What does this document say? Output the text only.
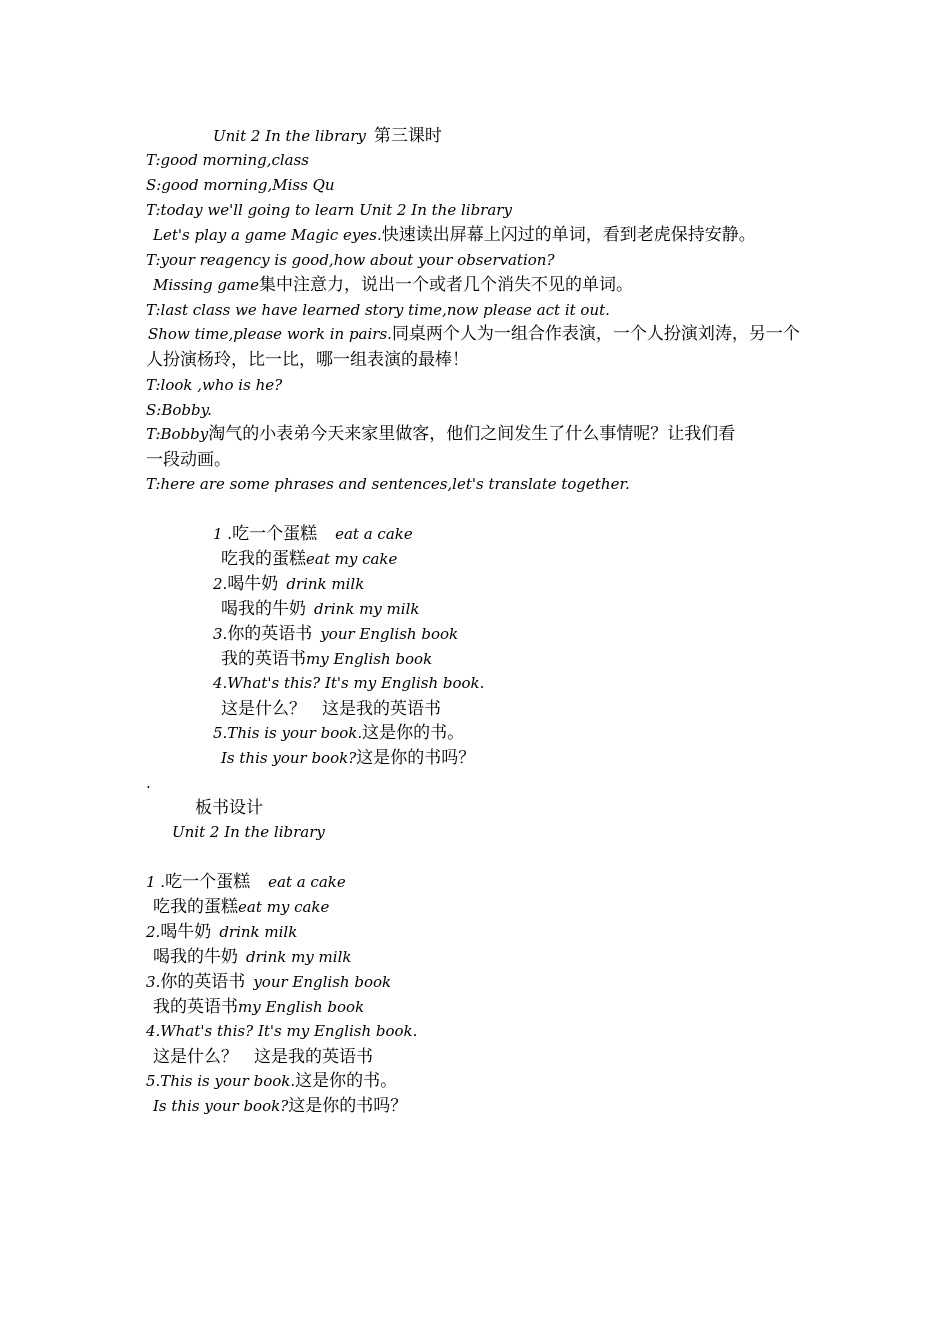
Unit 2 In the library 第三课时
T:good morning,class
S:good morning,Miss Qu
T:today we'll going to learn Unit 2 In the library
Let's play a game Magic eyes.快速读出屏幕上闪过的单词，看到老虎保持安静。
T:your reagency is good,how about your observation?
Missing game集中注意力，说出一个或者几个消失不见的单词。
T:last class we have learned story time,now please act it out.
Show time,please work in pairs.同桌两个人为一组合作表演，一个人扮演刘涛，另一个
人扮演杨玲，比一比，哪一组表演的最棒！
T:look ,who is he?
S:Bobby.
T:Bobby淘气的小表弟今天来家里做客，他们之间发生了什么事情呢？让我们看
一段动画。
T:here are some phrases and sentences,let's translate together.
1 .吃一个蛋糕 eat a cake
吃我的蛋糕eat my cake
2.喝牛奶 drink milk
喝我的牛奶 drink my milk
3.你的英语书 your English book
我的英语书my English book
4.What's this? It's my English book.
这是什么？ 这是我的英语书
5.This is your book.这是你的书。
Is this your book?这是你的书吗？
.
板书设计
Unit 2 In the library
1 .吃一个蛋糕 eat a cake
吃我的蛋糕eat my cake
2.喝牛奶 drink milk
喝我的牛奶 drink my milk
3.你的英语书 your English book
我的英语书my English book
4.What's this? It's my English book.
这是什么？ 这是我的英语书
5.This is your book.这是你的书。
Is this your book?这是你的书吗？
